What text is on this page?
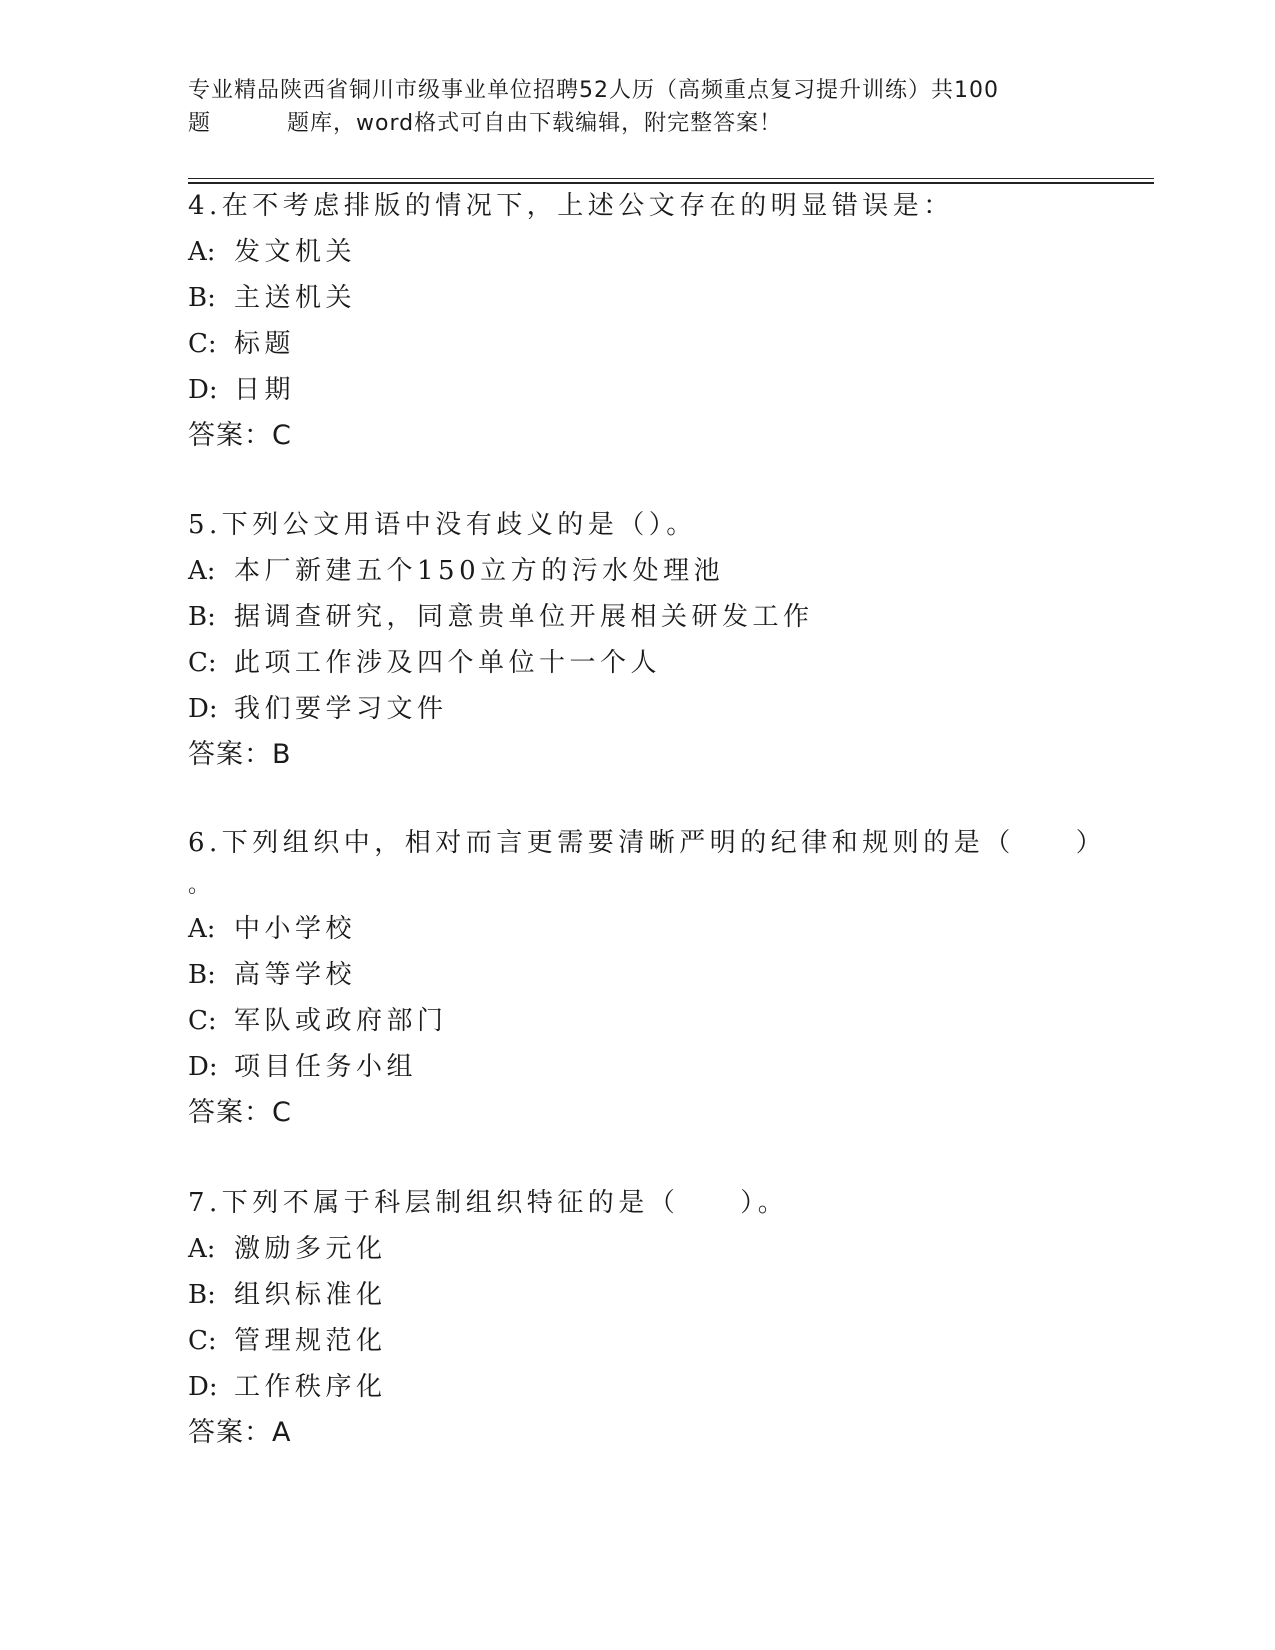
专业精品陕西省铜川市级事业单位招聘52人历（高频重点复习提升训练）共100
题	题库，word格式可自由下载编辑，附完整答案！
4.在不考虑排版的情况下，上述公文存在的明显错误是：
A: 发文机关
B: 主送机关
C: 标题
D: 日期
答案：C
5.下列公文用语中没有歧义的是（）。
A: 本厂新建五个150立方的污水处理池
B: 据调查研究，同意贵单位开展相关研发工作
C: 此项工作涉及四个单位十一个人
D: 我们要学习文件
答案：B
6.下列组织中，相对而言更需要清晰严明的纪律和规则的是（　　）
。
A: 中小学校
B: 高等学校
C: 军队或政府部门
D: 项目任务小组
答案：C
7.下列不属于科层制组织特征的是（　　）。
A: 激励多元化
B: 组织标准化
C: 管理规范化
D: 工作秩序化
答案：A
